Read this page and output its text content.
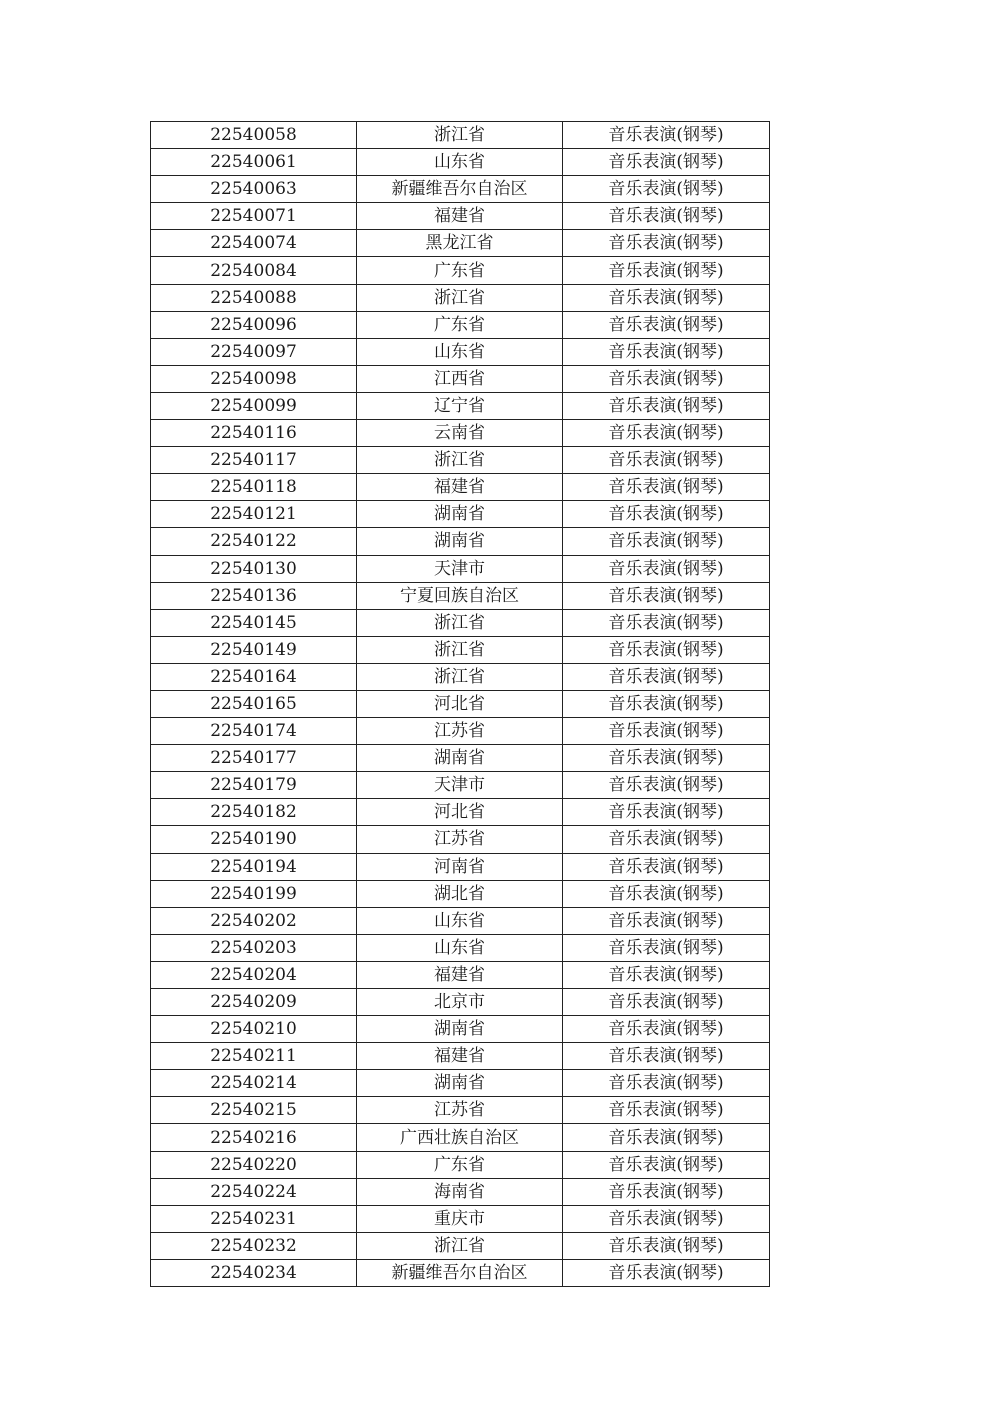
22540058	浙江省	音乐表演(钢琴)
22540061	山东省	音乐表演(钢琴)
22540063	新疆维吾尔自治区	音乐表演(钢琴)
22540071	福建省	音乐表演(钢琴)
22540074	黑龙江省	音乐表演(钢琴)
22540084	广东省	音乐表演(钢琴)
22540088	浙江省	音乐表演(钢琴)
22540096	广东省	音乐表演(钢琴)
22540097	山东省	音乐表演(钢琴)
22540098	江西省	音乐表演(钢琴)
22540099	辽宁省	音乐表演(钢琴)
22540116	云南省	音乐表演(钢琴)
22540117	浙江省	音乐表演(钢琴)
22540118	福建省	音乐表演(钢琴)
22540121	湖南省	音乐表演(钢琴)
22540122	湖南省	音乐表演(钢琴)
22540130	天津市	音乐表演(钢琴)
22540136	宁夏回族自治区	音乐表演(钢琴)
22540145	浙江省	音乐表演(钢琴)
22540149	浙江省	音乐表演(钢琴)
22540164	浙江省	音乐表演(钢琴)
22540165	河北省	音乐表演(钢琴)
22540174	江苏省	音乐表演(钢琴)
22540177	湖南省	音乐表演(钢琴)
22540179	天津市	音乐表演(钢琴)
22540182	河北省	音乐表演(钢琴)
22540190	江苏省	音乐表演(钢琴)
22540194	河南省	音乐表演(钢琴)
22540199	湖北省	音乐表演(钢琴)
22540202	山东省	音乐表演(钢琴)
22540203	山东省	音乐表演(钢琴)
22540204	福建省	音乐表演(钢琴)
22540209	北京市	音乐表演(钢琴)
22540210	湖南省	音乐表演(钢琴)
22540211	福建省	音乐表演(钢琴)
22540214	湖南省	音乐表演(钢琴)
22540215	江苏省	音乐表演(钢琴)
22540216	广西壮族自治区	音乐表演(钢琴)
22540220	广东省	音乐表演(钢琴)
22540224	海南省	音乐表演(钢琴)
22540231	重庆市	音乐表演(钢琴)
22540232	浙江省	音乐表演(钢琴)
22540234	新疆维吾尔自治区	音乐表演(钢琴)
